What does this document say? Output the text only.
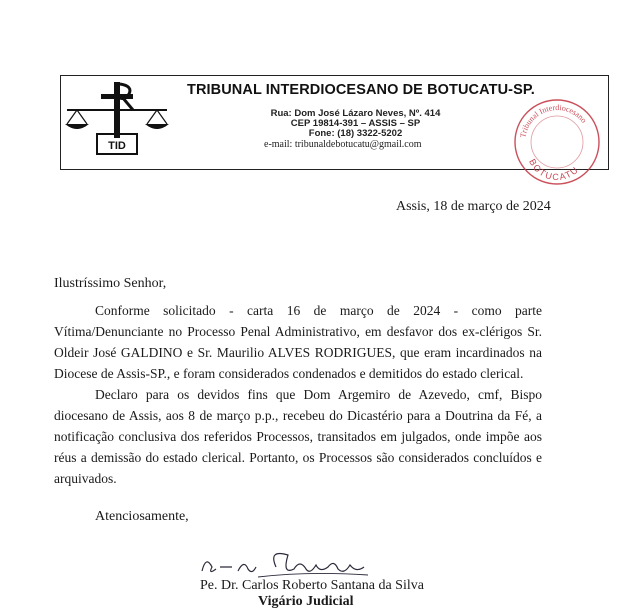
TID
TRIBUNAL INTERDIOCESANO DE BOTUCATU-SP.
Rua: Dom José Lázaro Neves, Nº. 414
CEP 19814-391 – ASSIS – SP
Fone: (18) 3322-5202
e-mail: tribunaldebotucatu@gmail.com
Tribunal Interdiocesano
BOTUCATU
Assis, 18 de março de 2024
Ilustríssimo Senhor,

Conforme solicitado - carta 16 de março de 2024 - como parte Vítima/Denunciante no Processo Penal Administrativo, em desfavor dos ex-clérigos Sr. Oldeir José GALDINO e Sr. Maurilio ALVES RODRIGUES, que eram incardinados na Diocese de Assis-SP., e foram considerados condenados e demitidos do estado clerical.

Declaro para os devidos fins que Dom Argemiro de Azevedo, cmf, Bispo diocesano de Assis, aos 8 de março p.p., recebeu do Dicastério para a Doutrina da Fé, a notificação conclusiva dos referidos Processos, transitados em julgados, onde impõe aos réus a demissão do estado clerical. Portanto, os Processos são considerados concluídos e arquivados.

Atenciosamente,
Pe. Dr. Carlos Roberto Santana da Silva
Vigário Judicial
